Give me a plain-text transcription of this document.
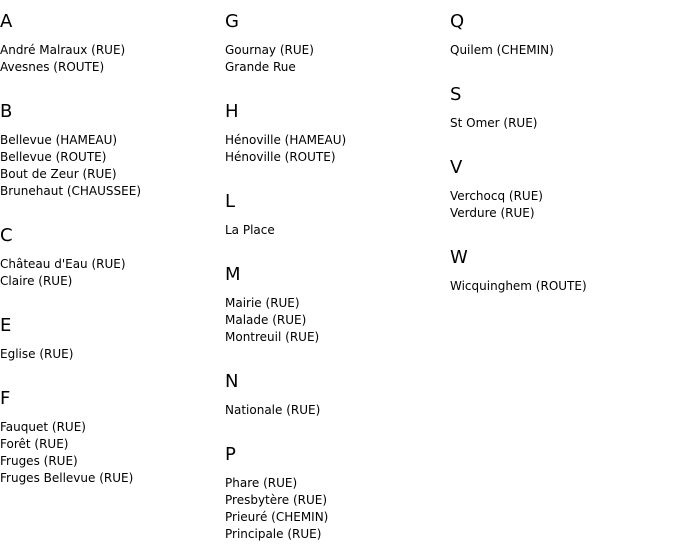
A
André Malraux (RUE)
Avesnes (ROUTE)
B
Bellevue (HAMEAU)
Bellevue (ROUTE)
Bout de Zeur (RUE)
Brunehaut (CHAUSSEE)
C
Château d'Eau (RUE)
Claire (RUE)
E
Eglise (RUE)
F
Fauquet (RUE)
Forêt (RUE)
Fruges (RUE)
Fruges Bellevue (RUE)
G
Gournay (RUE)
Grande Rue
H
Hénoville (HAMEAU)
Hénoville (ROUTE)
L
La Place
M
Mairie (RUE)
Malade (RUE)
Montreuil (RUE)
N
Nationale (RUE)
P
Phare (RUE)
Presbytère (RUE)
Prieuré (CHEMIN)
Principale (RUE)
Q
Quilem (CHEMIN)
S
St Omer (RUE)
V
Verchocq (RUE)
Verdure (RUE)
W
Wicquinghem (ROUTE)
